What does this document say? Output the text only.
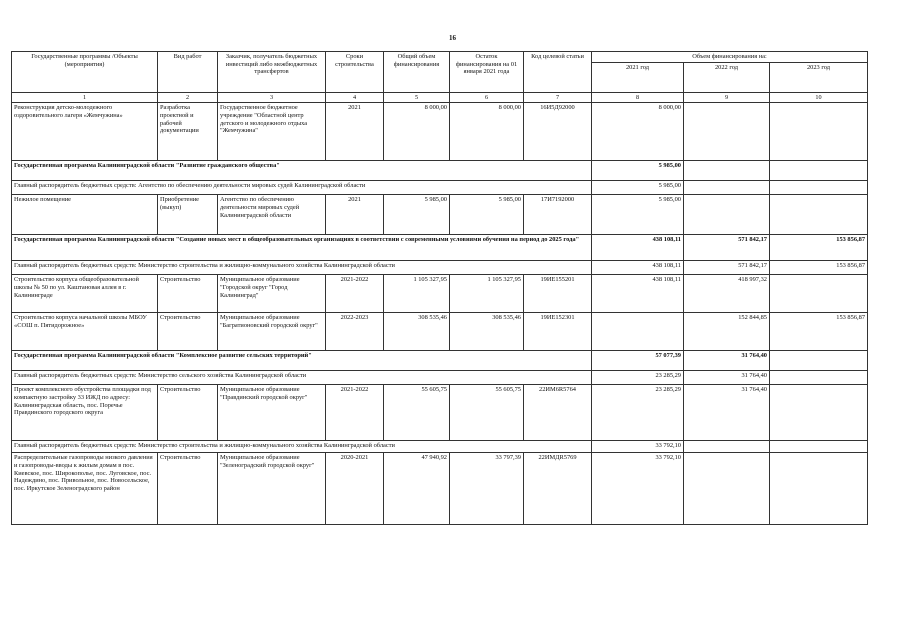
16
Государственные программы /Объекты (мероприятия)	Вид работ	Заказчик, получатель бюджетных инвестиций либо межбюджетных трансфертов	Сроки строительства	Общий объем финансирования	Остаток финансирования на 01 января 2021 года	Код целевой статьи	Объем финансирования на:		
							2021 год	2022 год	2023 год
1	2	3	4	5	6	7	8	9	10
Реконструкция детско-молодежного оздоровительного лагеря «Жемчужина»	Разработка проектной и рабочей документации	Государственное бюджетное учреждение "Областной центр детского и молодежного отдыха "Жемчужина"	2021	8 000,00	8 000,00	16И5Д92000	8 000,00		
Государственная программа Калининградской области "Развитие гражданского общества"							5 985,00		
Главный распорядитель бюджетных средств: Агентство по обеспечению деятельности мировых судей Калининградской области							5 985,00		
Нежилое помещение	Приобретение (выкуп)	Агентство по обеспечению деятельности мировых судей Калининградской области	2021	5 985,00	5 985,00	17И7192000	5 985,00		
Государственная программа Калининградской области "Создание новых мест в общеобразовательных организациях в соответствии с современными условиями обучения на период до 2025 года"							438 108,11	571 842,17	153 856,87
Главный распорядитель бюджетных средств: Министерство строительства и жилищно-коммунального хозяйства Калининградской области							438 108,11	571 842,17	153 856,87
Строительство корпуса общеобразовательной школы № 50 по ул. Каштановая аллея в г. Калининграде	Строительство	Муниципальное образование "Городской округ "Город Калининград"	2021-2022	1 105 327,95	1 105 327,95	19ИЕ155201	438 108,11	418 997,32	
Строительство корпуса начальной школы МБОУ «СОШ п. Пятидорожное»	Строительство	Муниципальное образование "Багратионовский городской округ"	2022-2023	308 535,46	308 535,46	19ИЕ152301		152 844,85	153 856,87
Государственная программа Калининградской области "Комплексное развитие сельских территорий"							57 077,39	31 764,40	
Главный распорядитель бюджетных средств: Министерство сельского хозяйства Калининградской области							23 285,29	31 764,40	
Проект комплексного обустройства площадки под компактную застройку 33 ИЖД по адресу: Калининградская область, пос. Поречье Правдинского городского округа	Строительство	Муниципальное образование "Правдинский городской округ"	2021-2022	55 605,75	55 605,75	22ИМ6R5764	23 285,29	31 764,40	
Главный распорядитель бюджетных средств: Министерство строительства и жилищно-коммунального хозяйства Калининградской области							33 792,10		
Распределительные газопроводы низкого давления и газопроводы-вводы к жилым домам в пос. Киевское, пос. Широкополье, пос. Луговское, пос. Надеждино, пос. Привольное, пос. Новосельское, пос. Иркутское Зеленоградского район	Строительство	Муниципальное образование "Зеленоградский городской округ"	2020-2021	47 940,92	33 797,39	22ИМДR5769	33 792,10		
